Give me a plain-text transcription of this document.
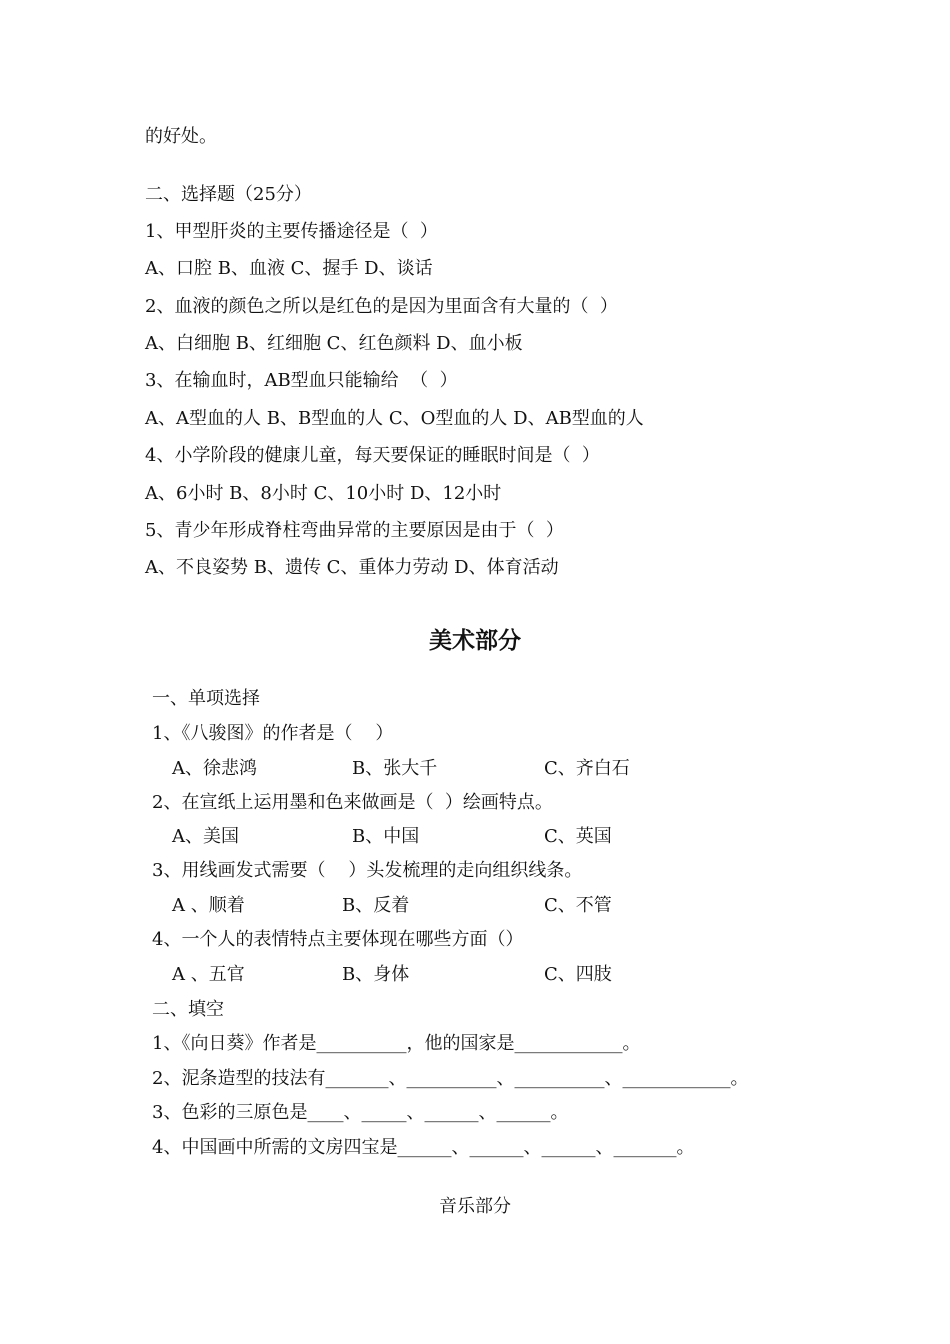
的好处。
二、选择题（25分）
1、甲型肝炎的主要传播途径是（  ）
A、口腔 B、血液 C、握手 D、谈话
2、血液的颜色之所以是红色的是因为里面含有大量的（  ）
A、白细胞 B、红细胞 C、红色颜料 D、血小板
3、在输血时，AB型血只能输给  （  ）
A、A型血的人 B、B型血的人 C、O型血的人 D、AB型血的人
4、小学阶段的健康儿童，每天要保证的睡眠时间是（  ）
A、6小时 B、8小时 C、10小时 D、12小时
5、青少年形成脊柱弯曲异常的主要原因是由于（  ）
A、不良姿势 B、遗传 C、重体力劳动 D、体育活动
美术部分
一、单项选择
1、《八骏图》的作者是（    ）
A、徐悲鸿	B、张大千	C、齐白石
2、在宣纸上运用墨和色来做画是（  ）绘画特点。
A、美国	B、中国	C、英国
3、用线画发式需要（    ）头发梳理的走向组织线条。
A 、顺着	B、反着	C、不管
4、一个人的表情特点主要体现在哪些方面（）
A 、五官	B、身体	C、四肢
二、填空
1、《向日葵》作者是__________，他的国家是____________。
2、泥条造型的技法有_______、__________、__________、____________。
3、色彩的三原色是____、_____、______、______。
4、中国画中所需的文房四宝是______、______、______、_______。
音乐部分
